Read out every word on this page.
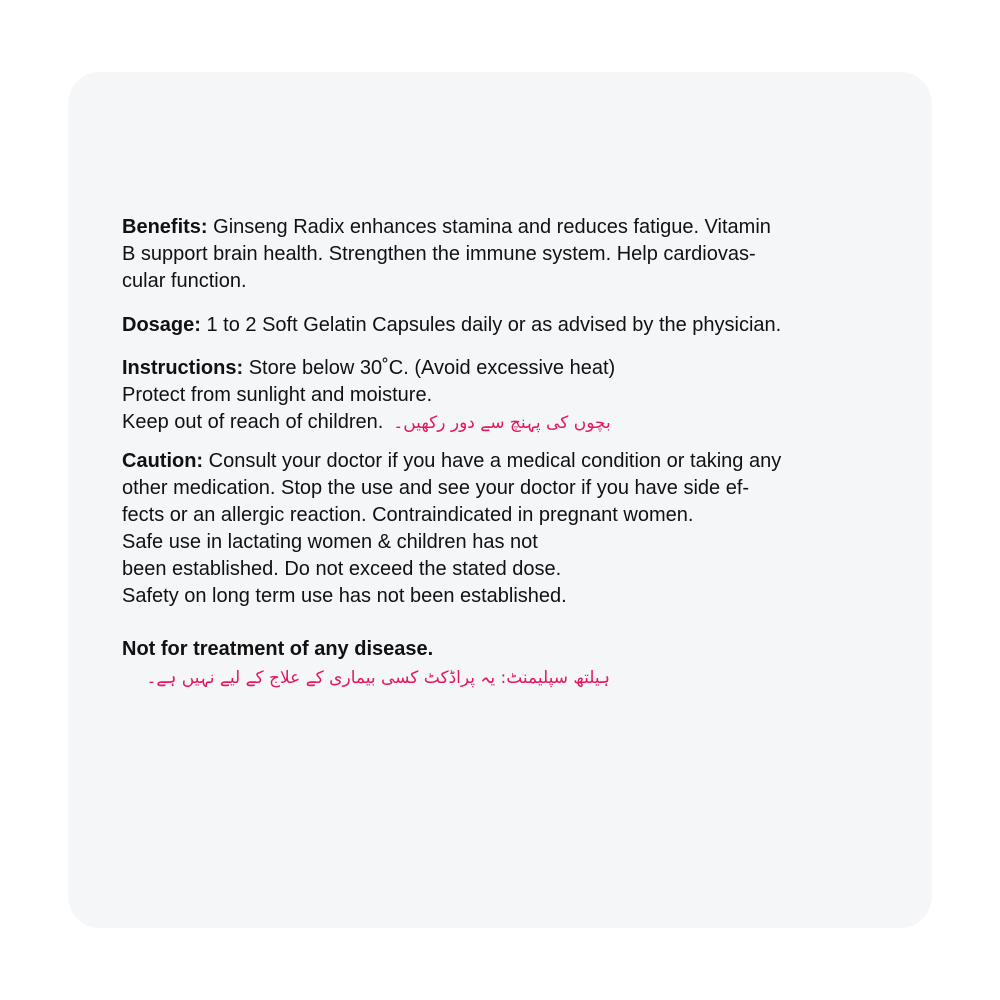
Benefits: Ginseng Radix enhances stamina and reduces fatigue. Vitamin
B support brain health. Strengthen the immune system. Help cardiovas-
cular function.

Dosage: 1 to 2 Soft Gelatin Capsules daily or as advised by the physician.

Instructions: Store below 30˚C. (Avoid excessive heat)
Protect from sunlight and moisture.
Keep out of reach of children. بچوں کی پہنچ سے دور رکھیں۔

Caution: Consult your doctor if you have a medical condition or taking any
other medication. Stop the use and see your doctor if you have side ef-
fects or an allergic reaction. Contraindicated in pregnant women.
Safe use in lactating women & children has not
been established. Do not exceed the stated dose.
Safety on long term use has not been established.

Not for treatment of any disease.
ہیلتھ سپلیمنٹ: یہ پراڈکٹ کسی بیماری کے علاج کے لیے نہیں ہے۔
